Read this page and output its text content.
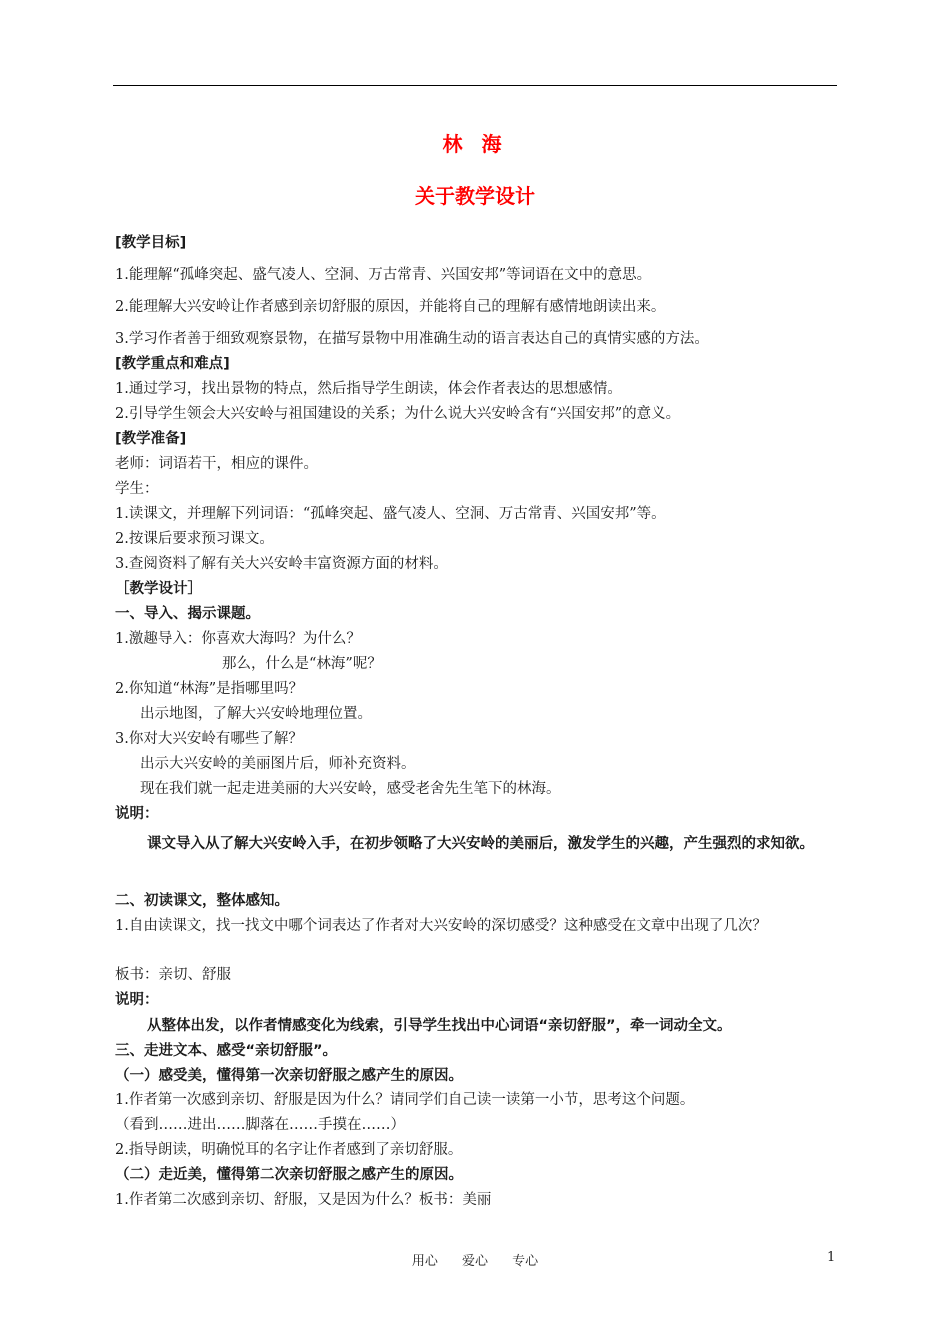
林 海
关于教学设计
[教学目标]
1.能理解“孤峰突起、盛气凌人、空洞、万古常青、兴国安邦”等词语在文中的意思。
2.能理解大兴安岭让作者感到亲切舒服的原因，并能将自己的理解有感情地朗读出来。
3.学习作者善于细致观察景物，在描写景物中用准确生动的语言表达自己的真情实感的方法。
[教学重点和难点]
1.通过学习，找出景物的特点，然后指导学生朗读，体会作者表达的思想感情。
2.引导学生领会大兴安岭与祖国建设的关系；为什么说大兴安岭含有“兴国安邦”的意义。
[教学准备]
老师：词语若干，相应的课件。
学生：
1.读课文，并理解下列词语：“孤峰突起、盛气凌人、空洞、万古常青、兴国安邦”等。
2.按课后要求预习课文。
3.查阅资料了解有关大兴安岭丰富资源方面的材料。
［教学设计］
一、导入、揭示课题。
1.激趣导入：你喜欢大海吗？为什么？
那么，什么是“林海”呢？
2.你知道“林海”是指哪里吗？
出示地图，了解大兴安岭地理位置。
3.你对大兴安岭有哪些了解？
出示大兴安岭的美丽图片后，师补充资料。
现在我们就一起走进美丽的大兴安岭，感受老舍先生笔下的林海。
说明：
课文导入从了解大兴安岭入手，在初步领略了大兴安岭的美丽后，激发学生的兴趣，产生强烈的求知欲。
二、初读课文，整体感知。
1.自由读课文，找一找文中哪个词表达了作者对大兴安岭的深切感受？这种感受在文章中出现了几次？
板书：亲切、舒服
说明：
从整体出发，以作者情感变化为线索，引导学生找出中心词语“亲切舒服”，牵一词动全文。
三、走进文本、感受“亲切舒服”。
（一）感受美，懂得第一次亲切舒服之感产生的原因。
1.作者第一次感到亲切、舒服是因为什么？请同学们自己读一读第一小节，思考这个问题。
（看到……进出……脚落在……手摸在……）
2.指导朗读，明确悦耳的名字让作者感到了亲切舒服。
（二）走近美，懂得第二次亲切舒服之感产生的原因。
1.作者第二次感到亲切、舒服，又是因为什么？板书：美丽
用心 爱心 专心	1
